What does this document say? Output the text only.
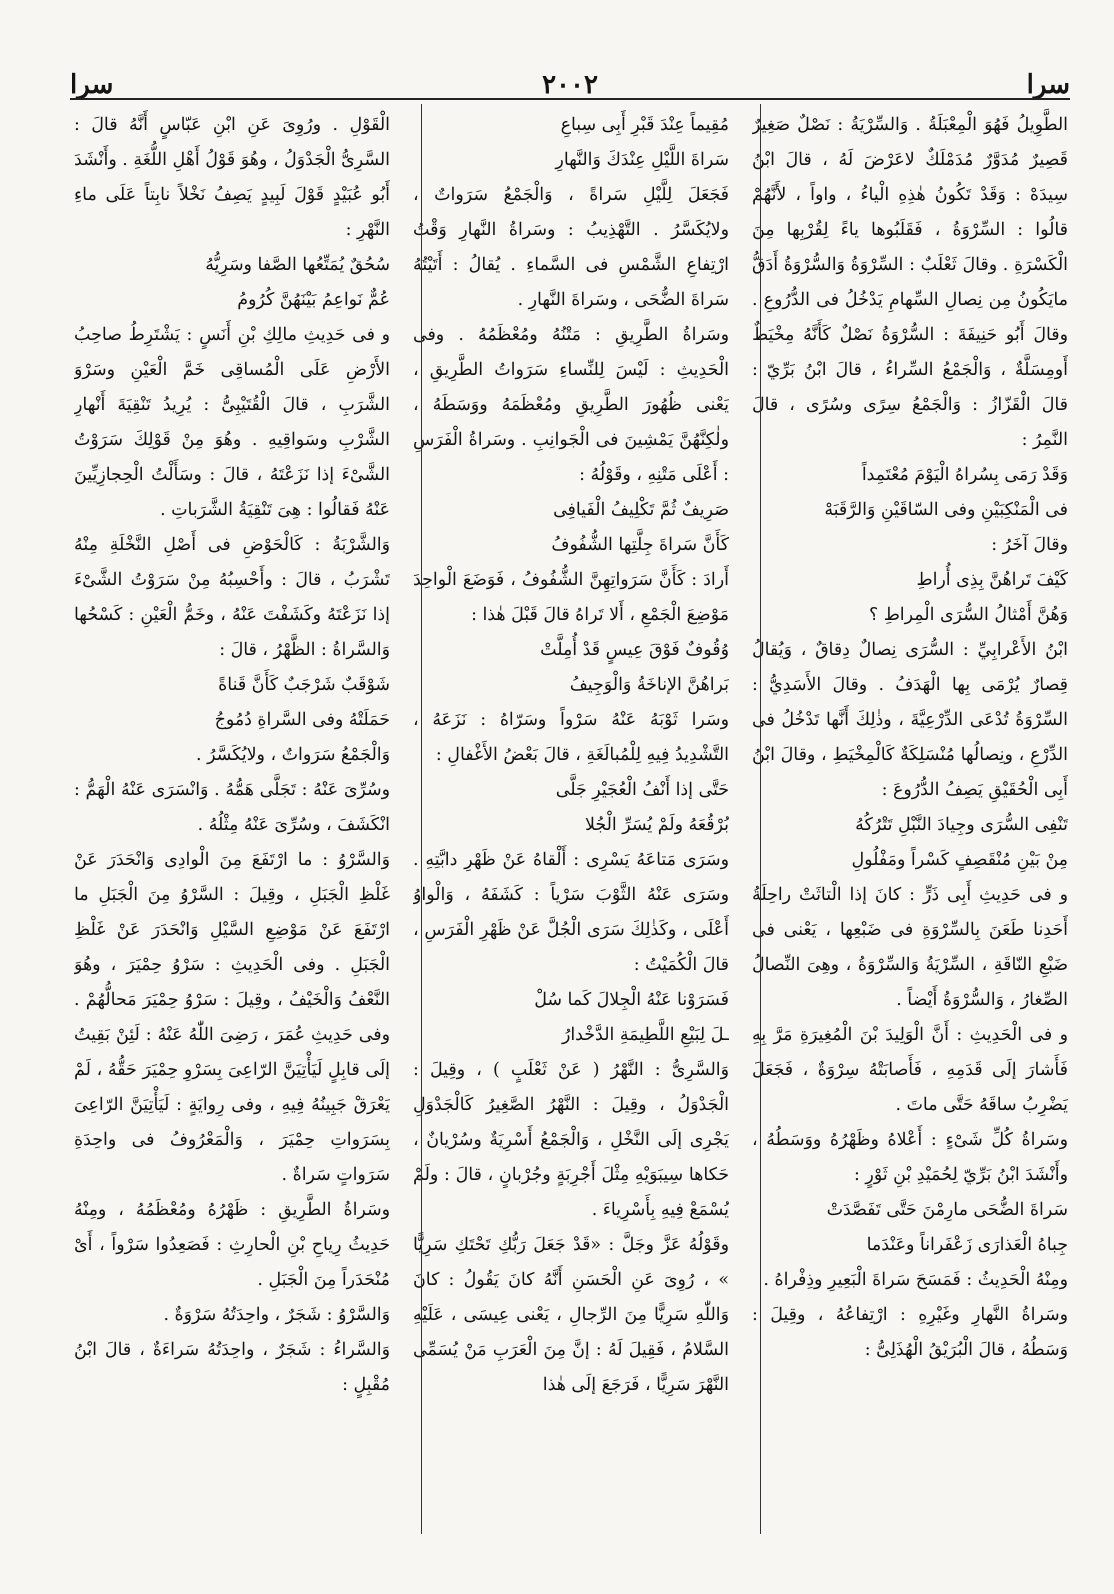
سرا
٢٠٠٢
سرا

الطَّوِيلُ فَهُوَ الْمِعْبَلَةُ . وَالسِّرْيَةُ : نَصْلٌ صَغِيرٌ قَصِيرٌ مُدَوَّرٌ مُدَمْلَكٌ لاعَرْضَ لَهُ ، قالَ ابْنُ سِيدَهْ : وَقَدْ تَكُونُ هٰذِهِ الْياءُ ، واواً ، لأَنَّهُمْ قالُوا : السِّرْوَةُ ، فَقَلَبُوها ياءً لِقُرْبِها مِنَ الْكَسْرَةِ . وقالَ ثَعْلَبٌ : السِّرْوَةُ وَالسُّرْوَةُ أَدَقُّ مايَكُونُ مِن نِصالِ السِّهامِ يَدْخُلُ فى الدُّرُوعِ . وقالَ أَبُو حَنِيفَةَ : السُّرْوَةُ نَصْلٌ كَأَنَّهُ مِخْيَطٌ أَومِسَلَّةٌ ، وَالْجَمْعُ السِّراءُ ، قالَ ابْنُ بَرِّيّ : قالَ الْقَزّازُ : وَالْجَمْعُ سِرًى وسُرًى ، قالَ النَّمِرُ :

وَقَدْ رَمَى بِسُراهُ الْيَوْمَ مُعْتَمِداً

فى الْمَنْكِبَيْنِ وفى السّاقَيْنِ وَالرَّقَبَهْ

وقالَ آخَرُ :

كَيْفَ تَراهُنَّ بِذِى أُراطِ

وَهُنَّ أَمْثالُ السُّرَى الْمِراطِ ؟

ابْنُ الأَعْرابِيِّ : السُّرَى نِصالٌ دِقاقٌ ، وَيُقالُ قِصارٌ يُرْمَى بِها الْهَدَفُ . وقالَ الأَسَدِيُّ : السِّرْوَةُ تُدْعَى الدِّرْعِيَّةَ ، وذٰلِكَ أَنَّها تَدْخُلُ فى الدِّرْعِ ، ونِصالُها مُنْسَلِكَةٌ كَالْمِخْيَطِ ، وقالَ ابْنُ أَبِى الْحُقَيْقِ يَصِفُ الدُّرُوعَ :

تَنْفِى السُّرَى وجِيادَ النَّبْلِ تَتْرُكُهُ

مِنْ بَيْنِ مُنْقَصِفٍ كَسْراً ومَفْلُولِ

و فى حَدِيثِ أَبِى ذَرٍّ : كانَ إذا الْتاثَتْ راحِلَةُ أَحَدِنا طَعَنَ بِالسِّرْوَةِ فى ضَبْعِها ، يَعْنى فى ضَبْعِ النّاقَةِ ، السِّرْيَةُ وَالسِّرْوَةُ ، وهِىَ النِّصالُ الصِّغارُ ، وَالسُّرْوَةُ أَيْضاً .

و فى الْحَدِيثِ : أَنَّ الْوَلِيدَ بْنَ الْمُغِيرَةِ مَرَّ بِهِ فَأَشارَ إلَى قَدَمِهِ ، فَأَصابَتْهُ سِرْوَةٌ ، فَجَعَلَ يَضْرِبُ ساقَهُ حَتَّى ماتَ .

وسَراةُ كُلِّ شَىْءٍ : أَعْلاهُ وظَهْرُهُ ووَسَطُهُ ، وأَنْشَدَ ابْنُ بَرِّيّ لِحُمَيْدِ بْنِ ثَوْرٍ :

سَراةَ الضُّحَى مارِمْنَ حَتَّى تَفَصَّدَتْ

جِباهُ الْعَذارَى زَعْفَراناً وعَنْدَما

ومِنْهُ الْحَدِيثُ : فَمَسَحَ سَراةَ الْبَعِيرِ وذِفْراهُ .

وسَراةُ النَّهارِ وغَيْرِهِ : ارْتِفاعُهُ ، وقِيلَ : وَسَطُهُ ، قالَ الْبُرَيْقُ الْهُذَلِىُّ :

مُقِيماً عِنْدَ قَبْرِ أَبِى سِباعِ

سَراةَ اللَّيْلِ عِنْدَكَ وَالنَّهارِ

فَجَعَلَ لِلَّيْلِ سَراةً ، وَالْجَمْعُ سَرَواتٌ ، ولايُكَسَّرُ . التَّهْذِيبُ : وسَراةُ النَّهارِ وَقْتُ ارْتِفاعِ الشَّمْسِ فى السَّماءِ . يُقالُ : أَتَيْتُهُ سَراةَ الضُّحَى ، وسَراةَ النَّهارِ .

وسَراةُ الطَّرِيقِ : مَتْنُهُ ومُعْظَمُهُ . وفى الْحَدِيثِ : لَيْسَ لِلنِّساءِ سَرَواتُ الطَّرِيقِ ، يَعْنى ظُهُورَ الطَّرِيقِ ومُعْظَمَهُ ووَسَطَهُ ، ولٰكِنَّهُنَّ يَمْشِينَ فى الْجَوانِبِ . وسَراةُ الْفَرَسِ : أَعْلَى مَتْنِهِ ، وقَوْلُهُ :

صَرِيفٌ ثُمَّ تَكْلِيفُ الْفَيافِى

كَأَنَّ سَراةَ جِلَّتِها الشُّفُوفُ

أَرادَ : كَأَنَّ سَرَواتِهِنَّ الشُّفُوفُ ، فَوَضَعَ الْواحِدَ مَوْضِعَ الْجَمْعِ ، أَلا تَراهُ قالَ قَبْلَ هٰذا :

وُقُوفٌ فَوْقَ عِيسٍ قَدْ أُمِلَّتْ

بَراهُنَّ الإناخَةُ وَالْوَجِيفُ

وسَرا ثَوْبَهُ عَنْهُ سَرْواً وسَرّاهُ : نَزَعَهُ ، التَّشْدِيدُ فِيهِ لِلْمُبالَغَةِ ، قالَ بَعْضُ الأَغْفالِ :

حَتَّى إذا أَنْفُ الْعُجَيْرِ جَلَّى

بُرْقُعَهُ ولَمْ يُسَرِّ الْجُلا

وسَرَى مَتاعَهُ يَسْرِى : أَلْقاهُ عَنْ ظَهْرِ دابَّتِهِ . وسَرَى عَنْهُ الثَّوْبَ سَرْياً : كَشَفَهُ ، وَالْواوُ أَعْلَى ، وكَذٰلِكَ سَرَى الْجُلَّ عَنْ ظَهْرِ الْفَرَسِ ، قالَ الْكُمَيْتُ :

فَسَرَوْنا عَنْهُ الْجِلالَ كَما سُلْ

ـلَ لِبَيْعِ اللَّطِيمَةِ الدَّخْدارُ

وَالسَّرِىُّ : النَّهْرُ ( عَنْ ثَعْلَبٍ ) ، وقِيلَ : الْجَدْوَلُ ، وقِيلَ : النَّهْرُ الصَّغِيرُ كَالْجَدْوَلِ يَجْرِى إلَى النَّخْلِ ، وَالْجَمْعُ أَسْرِيَةٌ وسُرْيانٌ ، حَكاها سِيبَوَيْهِ مِثْلَ أَجْرِبَةٍ وجُرْبانٍ ، قالَ : ولَمْ يُسْمَعْ فِيهِ بِأَسْرِياءَ .

وقَوْلُهُ عَزَّ وجَلَّ : «قَدْ جَعَلَ رَبُّكِ تَحْتَكِ سَرِيًّا » ، رُوِىَ عَنِ الْحَسَنِ أَنَّهُ كانَ يَقُولُ : كانَ وَاللّٰهِ سَرِيًّا مِنَ الرِّجالِ ، يَعْنى عِيسَى ، عَلَيْهِ السَّلامُ ، فَقِيلَ لَهُ : إنَّ مِنَ الْعَرَبِ مَنْ يُسَمِّى النَّهْرَ سَرِيًّا ، فَرَجَعَ إلَى هٰذا

الْقَوْلِ . ورُوِىَ عَنِ ابْنِ عَبّاسٍ أَنَّهُ قالَ : السَّرِىُّ الْجَدْوَلُ ، وهُوَ قَوْلُ أَهْلِ اللُّغَةِ . وأَنْشَدَ أَبُو عُبَيْدٍ قَوْلَ لَبِيدٍ يَصِفُ نَخْلاً نابِتاً عَلَى ماءِ النَّهْرِ :

سُحُقٌ يُمَتِّعُها الصَّفا وسَرِيُّهُ

عُمٌّ نَواعِمُ بَيْنَهُنَّ كُرُومُ

و فى حَدِيثِ مالِكِ بْنِ أَنَسٍ : يَشْتَرِطُ صاحِبُ الأَرْضِ عَلَى الْمُساقِى خَمَّ الْعَيْنِ وسَرْوَ الشَّرَبِ ، قالَ الْقُتَيْبِىُّ : يُرِيدُ تَنْقِيَةَ أَنْهارِ الشَّرْبِ وسَواقِيهِ . وهُوَ مِنْ قَوْلِكَ سَرَوْتُ الشَّىْءَ إذا نَزَعْتَهُ ، قالَ : وسَأَلْتُ الْحِجازِيِّينَ عَنْهُ فَقالُوا : هِىَ تَنْقِيَةُ الشَّرَباتِ .

وَالشَّرْبَةُ : كَالْحَوْضِ فى أَصْلِ النَّخْلَةِ مِنْهُ تَشْرَبُ ، قالَ : وأَحْسِبُهُ مِنْ سَرَوْتُ الشَّىْءَ إذا نَزَعْتَهُ وكَشَفْتَ عَنْهُ ، وخَمُّ الْعَيْنِ : كَسْحُها وَالسَّراةُ : الظَّهْرُ ، قالَ :

شَوْقَبٌ شَرْجَبٌ كَأَنَّ قَناةً

حَمَلَتْهُ وفى السَّراةِ دُمُوجُ

وَالْجَمْعُ سَرَواتٌ ، ولايُكَسَّرُ .

وسُرِّىَ عَنْهُ : تَجَلَّى هَمُّهُ . وَانْسَرَى عَنْهُ الْهَمُّ : انْكَشَفَ ، وسُرِّىَ عَنْهُ مِثْلُهُ .

وَالسَّرْوُ : ما ارْتَفَعَ مِنَ الْوادِى وَانْحَدَرَ عَنْ غَلْظِ الْجَبَلِ ، وقِيلَ : السَّرْوُ مِنَ الْجَبَلِ ما ارْتَفَعَ عَنْ مَوْضِعِ السَّيْلِ وَانْحَدَرَ عَنْ غَلْظِ الْجَبَلِ . وفى الْحَدِيثِ : سَرْوُ حِمْيَرَ ، وهُوَ النَّعْفُ وَالْخَيْفُ ، وقِيلَ : سَرْوُ حِمْيَرَ مَحالُّهُمْ . وفى حَدِيثِ عُمَرَ ، رَضِىَ اللّٰهُ عَنْهُ : لَئِنْ بَقِيتُ إلَى قابِلٍ لَيَأْتِيَنَّ الرّاعِىَ بِسَرْوِ حِمْيَرَ حَقُّهُ ، لَمْ يَعْرَقْ جَبِينُهُ فِيهِ ، وفى رِوايَةٍ : لَيَأْتِيَنَّ الرّاعِىَ بِسَرَواتِ حِمْيَرَ ، وَالْمَعْرُوفُ فى واحِدَةِ سَرَواتٍ سَراةٌ .

وسَراةُ الطَّرِيقِ : ظَهْرُهُ ومُعْظَمُهُ ، ومِنْهُ حَدِيثُ رِياحِ بْنِ الْحارِثِ : فَصَعِدُوا سَرْواً ، أَىْ مُنْحَدَراً مِنَ الْجَبَلِ .

وَالسَّرْوُ : شَجَرٌ ، واحِدَتُهُ سَرْوَةٌ .

وَالسَّراءُ : شَجَرٌ ، واحِدَتُهُ سَراءَةٌ ، قالَ ابْنُ مُقْبِلٍ :
